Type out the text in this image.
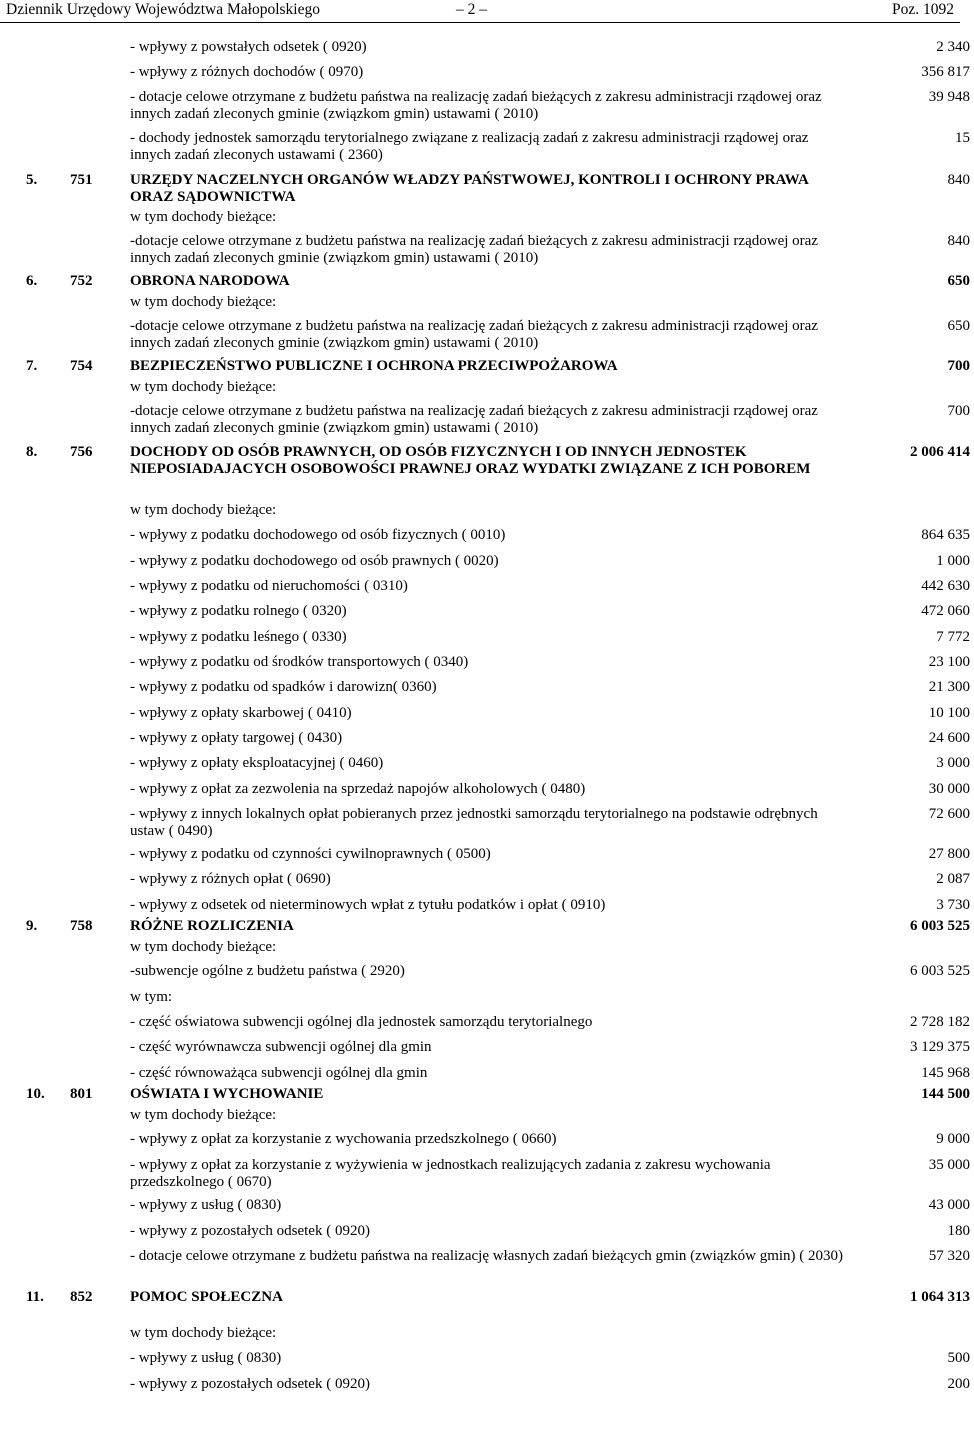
Dziennik Urzędowy Województwa Małopolskiego	– 2 –	Poz. 1092
		- wpływy z powstałych odsetek ( 0920)	2 340
		- wpływy z różnych dochodów ( 0970)	356 817
		- dotacje celowe otrzymane z budżetu państwa na realizację zadań bieżących z zakresu administracji rządowej oraz innych zadań zleconych gminie (związkom gmin) ustawami ( 2010)	39 948
		- dochody jednostek samorządu terytorialnego związane z realizacją zadań z zakresu administracji rządowej oraz innych zadań zleconych ustawami ( 2360)	15
5.	751	URZĘDY NACZELNYCH ORGANÓW WŁADZY PAŃSTWOWEJ, KONTROLI I OCHRONY PRAWA ORAZ SĄDOWNICTWA	840
		w tym dochody bieżące:	
		-dotacje celowe otrzymane z budżetu państwa na realizację zadań bieżących z zakresu administracji rządowej oraz innych zadań zleconych gminie (związkom gmin) ustawami ( 2010)	840
6.	752	OBRONA NARODOWA	650
		w tym dochody bieżące:	
		-dotacje celowe otrzymane z budżetu państwa na realizację zadań bieżących z zakresu administracji rządowej oraz innych zadań zleconych gminie (związkom gmin) ustawami ( 2010)	650
7.	754	BEZPIECZEŃSTWO PUBLICZNE I OCHRONA PRZECIWPOŻAROWA	700
		w tym dochody bieżące:	
		-dotacje celowe otrzymane z budżetu państwa na realizację zadań bieżących z zakresu administracji rządowej oraz innych zadań zleconych gminie (związkom gmin) ustawami ( 2010)	700
8.	756	DOCHODY OD OSÓB PRAWNYCH, OD OSÓB FIZYCZNYCH I OD INNYCH JEDNOSTEK NIEPOSIADAJACYCH OSOBOWOŚCI PRAWNEJ ORAZ WYDATKI ZWIĄZANE Z ICH POBOREM	2 006 414
		w tym dochody bieżące:	
		- wpływy z podatku dochodowego od osób fizycznych ( 0010)	864 635
		- wpływy z podatku dochodowego od osób prawnych ( 0020)	1 000
		- wpływy z podatku od nieruchomości ( 0310)	442 630
		- wpływy z podatku rolnego ( 0320)	472 060
		- wpływy z podatku leśnego ( 0330)	7 772
		- wpływy z podatku od środków transportowych ( 0340)	23 100
		- wpływy z podatku od spadków i darowizn( 0360)	21 300
		- wpływy z opłaty skarbowej ( 0410)	10 100
		- wpływy z opłaty targowej ( 0430)	24 600
		- wpływy z opłaty eksploatacyjnej ( 0460)	3 000
		- wpływy z opłat za zezwolenia na sprzedaż napojów alkoholowych ( 0480)	30 000
		- wpływy z innych lokalnych opłat pobieranych przez jednostki samorządu terytorialnego na podstawie odrębnych ustaw ( 0490)	72 600
		- wpływy z podatku od czynności cywilnoprawnych ( 0500)	27 800
		- wpływy z różnych opłat ( 0690)	2 087
		- wpływy z odsetek od nieterminowych wpłat z tytułu podatków i opłat ( 0910)	3 730
9.	758	RÓŻNE ROZLICZENIA	6 003 525
		w tym dochody bieżące:	
		-subwencje ogólne z budżetu państwa ( 2920)	6 003 525
		w tym:	
		- część oświatowa subwencji ogólnej dla jednostek samorządu terytorialnego	2 728 182
		- część wyrównawcza subwencji ogólnej dla gmin	3 129 375
		- część równoważąca subwencji ogólnej dla gmin	145 968
10.	801	OŚWIATA I WYCHOWANIE	144 500
		w tym dochody bieżące:	
		- wpływy z opłat za korzystanie z wychowania przedszkolnego ( 0660)	9 000
		- wpływy z opłat za korzystanie z wyżywienia w jednostkach realizujących zadania z zakresu wychowania przedszkolnego ( 0670)	35 000
		- wpływy z usług ( 0830)	43 000
		- wpływy z pozostałych odsetek ( 0920)	180
		- dotacje celowe otrzymane z budżetu państwa na realizację własnych zadań bieżących gmin (związków gmin) ( 2030)	57 320
11.	852	POMOC SPOŁECZNA	1 064 313
		w tym dochody bieżące:	
		- wpływy z usług ( 0830)	500
		- wpływy z pozostałych odsetek ( 0920)	200
